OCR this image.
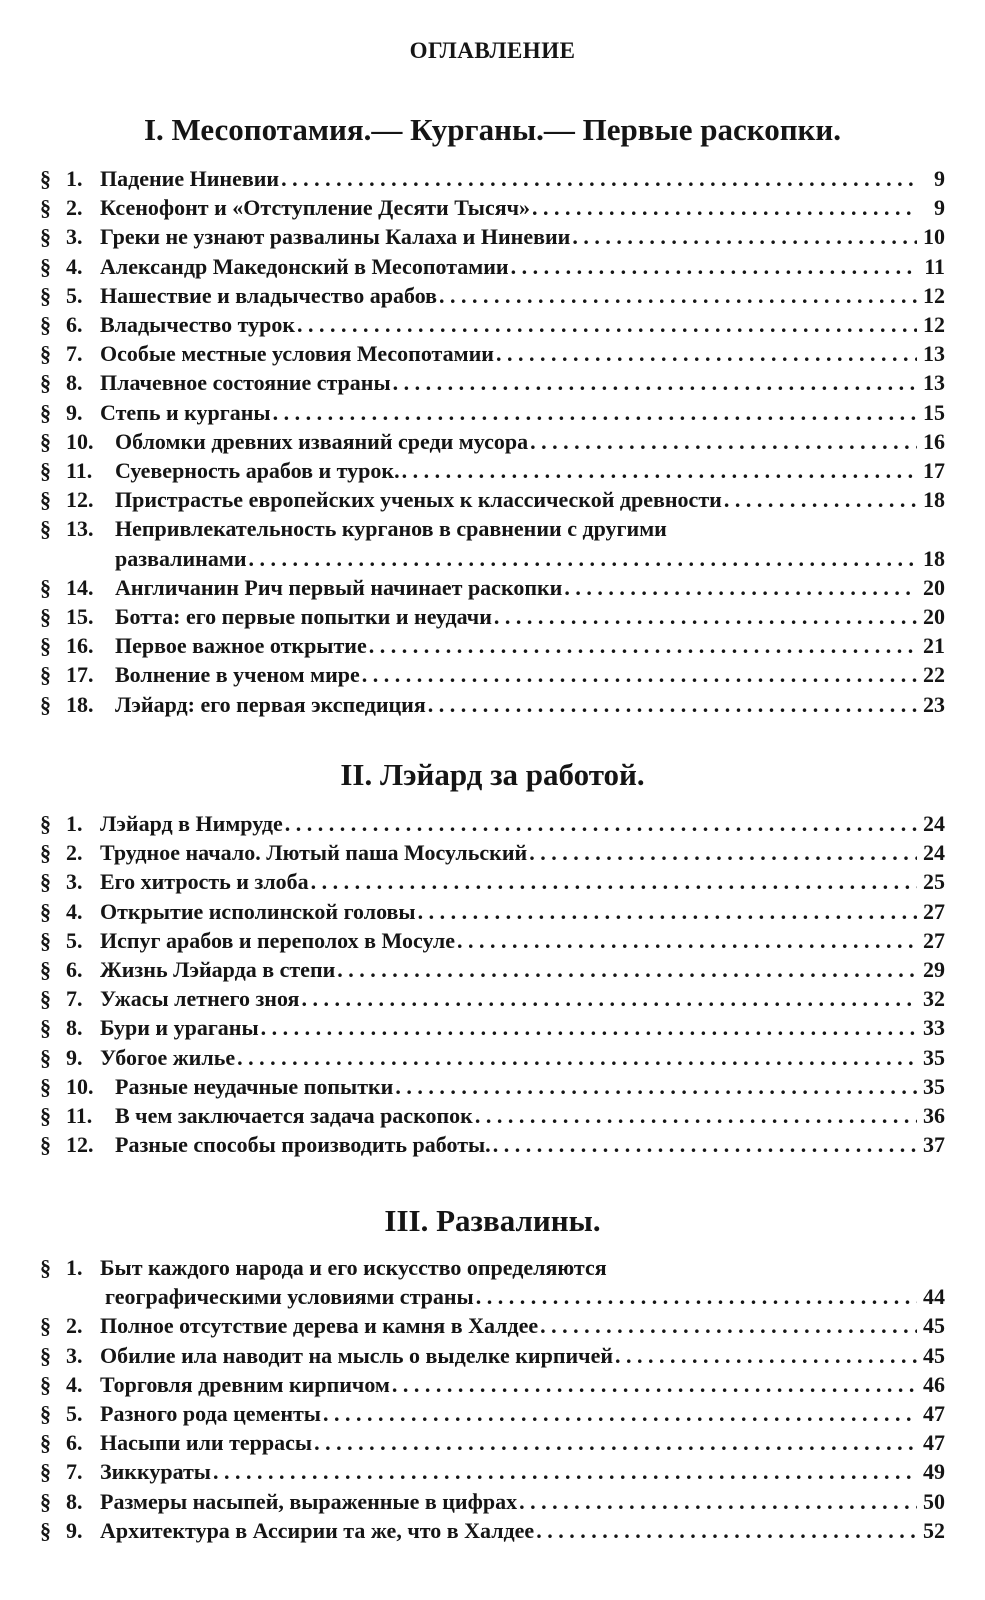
ОГЛАВЛЕНИЕ
I. Месопотамия.— Курганы.— Первые раскопки.
§ 1. Падение Ниневии . . .	9
§ 2. Ксенофонт и «Отступление Десяти Тысяч» . . .	9
§ 3. Греки не узнают развалины Калаха и Ниневии . . .	10
§ 4. Александр Македонский в Месопотамии . . .	11
§ 5. Нашествие и владычество арабов . . .	12
§ 6. Владычество турок . . .	12
§ 7. Особые местные условия Месопотамии . . .	13
§ 8. Плачевное состояние страны . . .	13
§ 9. Степь и курганы . . .	15
§ 10. Обломки древних изваяний среди мусора . . .	16
§ 11. Суеверность арабов и турок. . . .	17
§ 12. Пристрастье европейских ученых к классической древности . . .	18
§ 13. Непривлекательность курганов в сравнении с другими
развалинами . . .	18
§ 14. Англичанин Рич первый начинает раскопки . . .	20
§ 15. Ботта: его первые попытки и неудачи . . .	20
§ 16. Первое важное открытие . . .	21
§ 17. Волнение в ученом мире . . .	22
§ 18. Лэйард: его первая экспедиция . . .	23
II. Лэйард за работой.
§ 1. Лэйард в Нимруде . . .	24
§ 2. Трудное начало. Лютый паша Мосульский . . .	24
§ 3. Его хитрость и злоба . . .	25
§ 4. Открытие исполинской головы . . .	27
§ 5. Испуг арабов и переполох в Мосуле . . .	27
§ 6. Жизнь Лэйарда в степи . . .	29
§ 7. Ужасы летнего зноя . . .	32
§ 8. Бури и ураганы . . .	33
§ 9. Убогое жилье . . .	35
§ 10. Разные неудачные попытки . . .	35
§ 11. В чем заключается задача раскопок . . .	36
§ 12. Разные способы производить работы. . . .	37
III. Развалины.
§ 1. Быт каждого народа и его искусство определяются
географическими условиями страны . . .	44
§ 2. Полное отсутствие дерева и камня в Халдее . . .	45
§ 3. Обилие ила наводит на мысль о выделке кирпичей . . .	45
§ 4. Торговля древним кирпичом . . .	46
§ 5. Разного рода цементы . . .	47
§ 6. Насыпи или террасы . . .	47
§ 7. Зиккураты . . .	49
§ 8. Размеры насыпей, выраженные в цифрах . . .	50
§ 9. Архитектура в Ассирии та же, что в Халдее . . .	52
